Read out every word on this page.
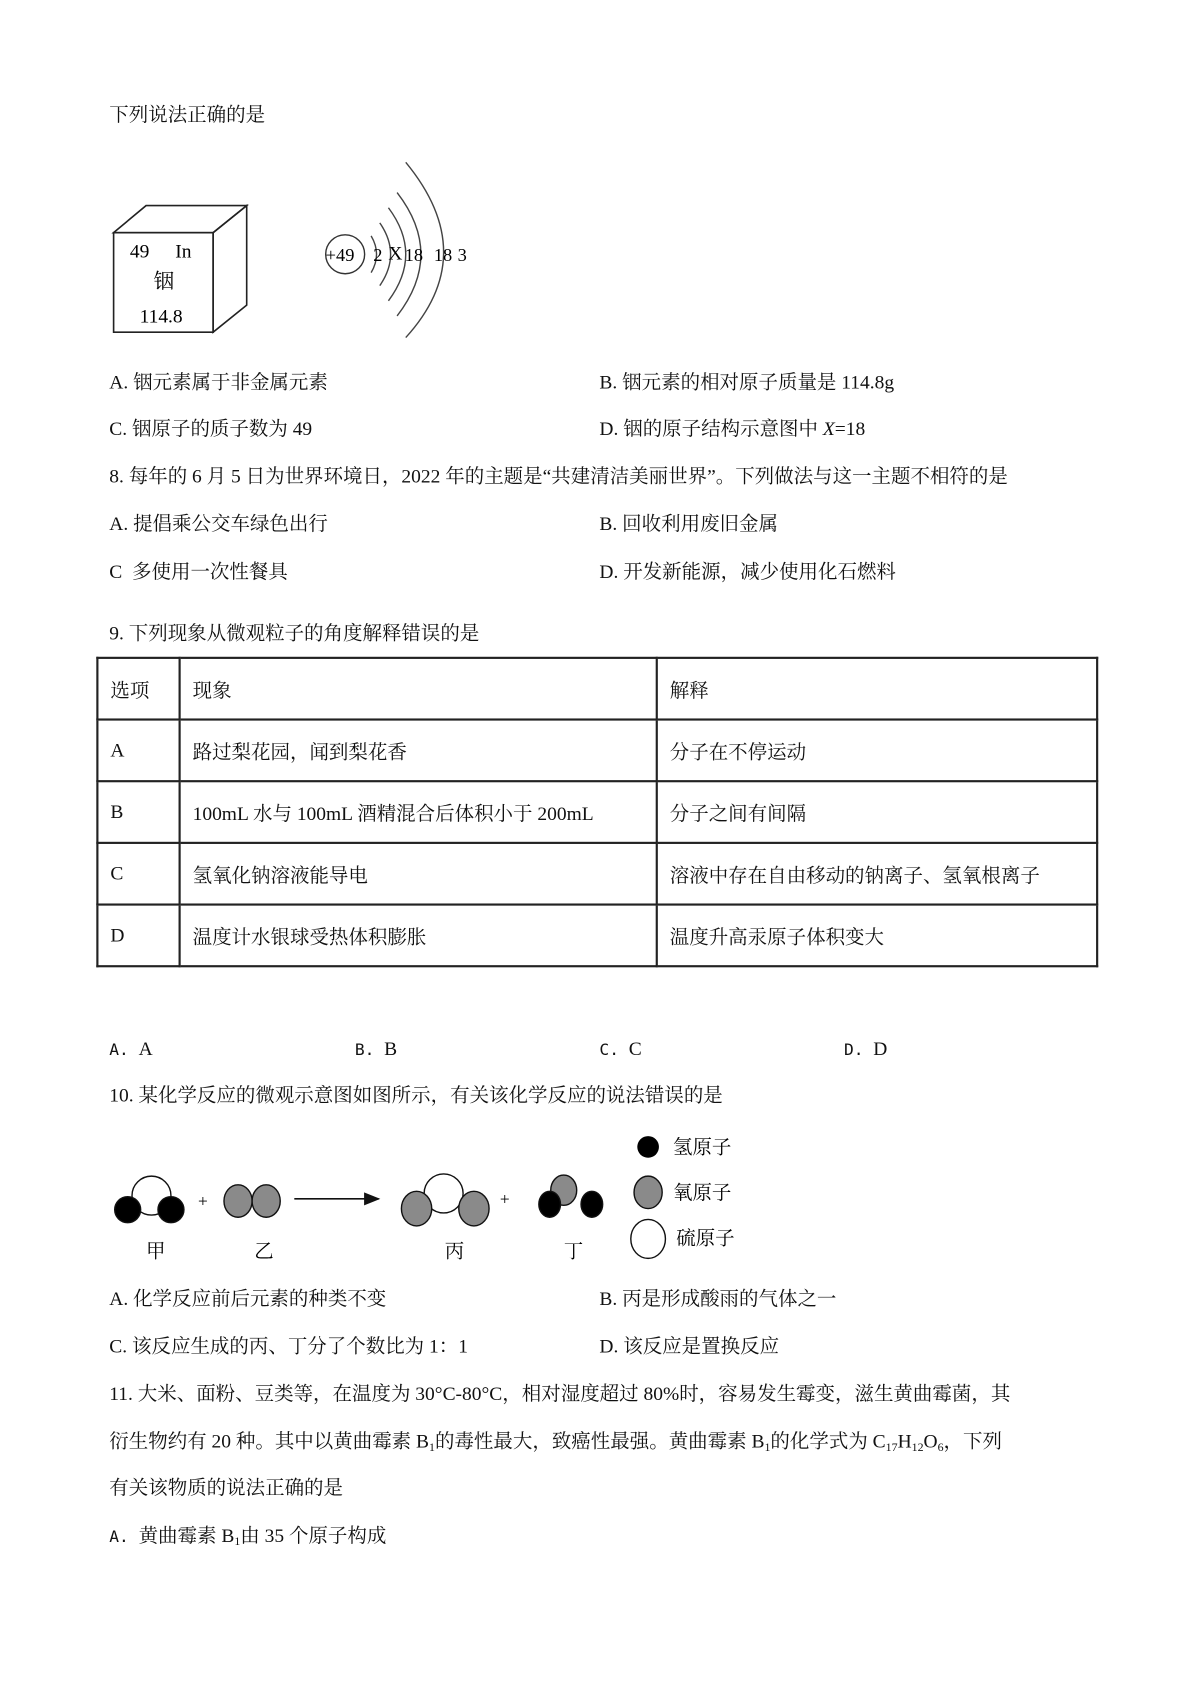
下列说法正确的是
49 In
铟
114.8
+49 2 X 18 18 3
A. 铟元素属于非金属元素	B. 铟元素的相对原子质量是 114.8g
C. 铟原子的质子数为 49	D. 铟的原子结构示意图中 X=18
8. 每年的 6 月 5 日为世界环境日，2022 年的主题是“共建清洁美丽世界”。下列做法与这一主题不相符的是
A. 提倡乘公交车绿色出行	B. 回收利用废旧金属
C 多使用一次性餐具	D. 开发新能源，减少使用化石燃料
9. 下列现象从微观粒子的角度解释错误的是
选项	现象	解释
A	路过梨花园，闻到梨花香	分子在不停运动
B	100mL 水与 100mL 酒精混合后体积小于 200mL	分子之间有间隔
C	氢氧化钠溶液能导电	溶液中存在自由移动的钠离子、氢氧根离子
D	温度计水银球受热体积膨胀	温度升高汞原子体积变大
A. A	B. B	C. C	D. D
10. 某化学反应的微观示意图如图所示，有关该化学反应的说法错误的是
+	+
甲	乙	丙	丁
氢原子
氧原子
硫原子
A. 化学反应前后元素的种类不变	B. 丙是形成酸雨的气体之一
C. 该反应生成的丙、丁分了个数比为 1：1	D. 该反应是置换反应
11. 大米、面粉、豆类等，在温度为 30°C-80°C，相对湿度超过 80%时，容易发生霉变，滋生黄曲霉菌，其
衍生物约有 20 种。其中以黄曲霉素 $B_1$的毒性最大，致癌性最强。黄曲霉素 $B_1$的化学式为 $C_{17}H_{12}O_6$，下列
有关该物质的说法正确的是
A. 黄曲霉素 $B_1$由 35 个原子构成
